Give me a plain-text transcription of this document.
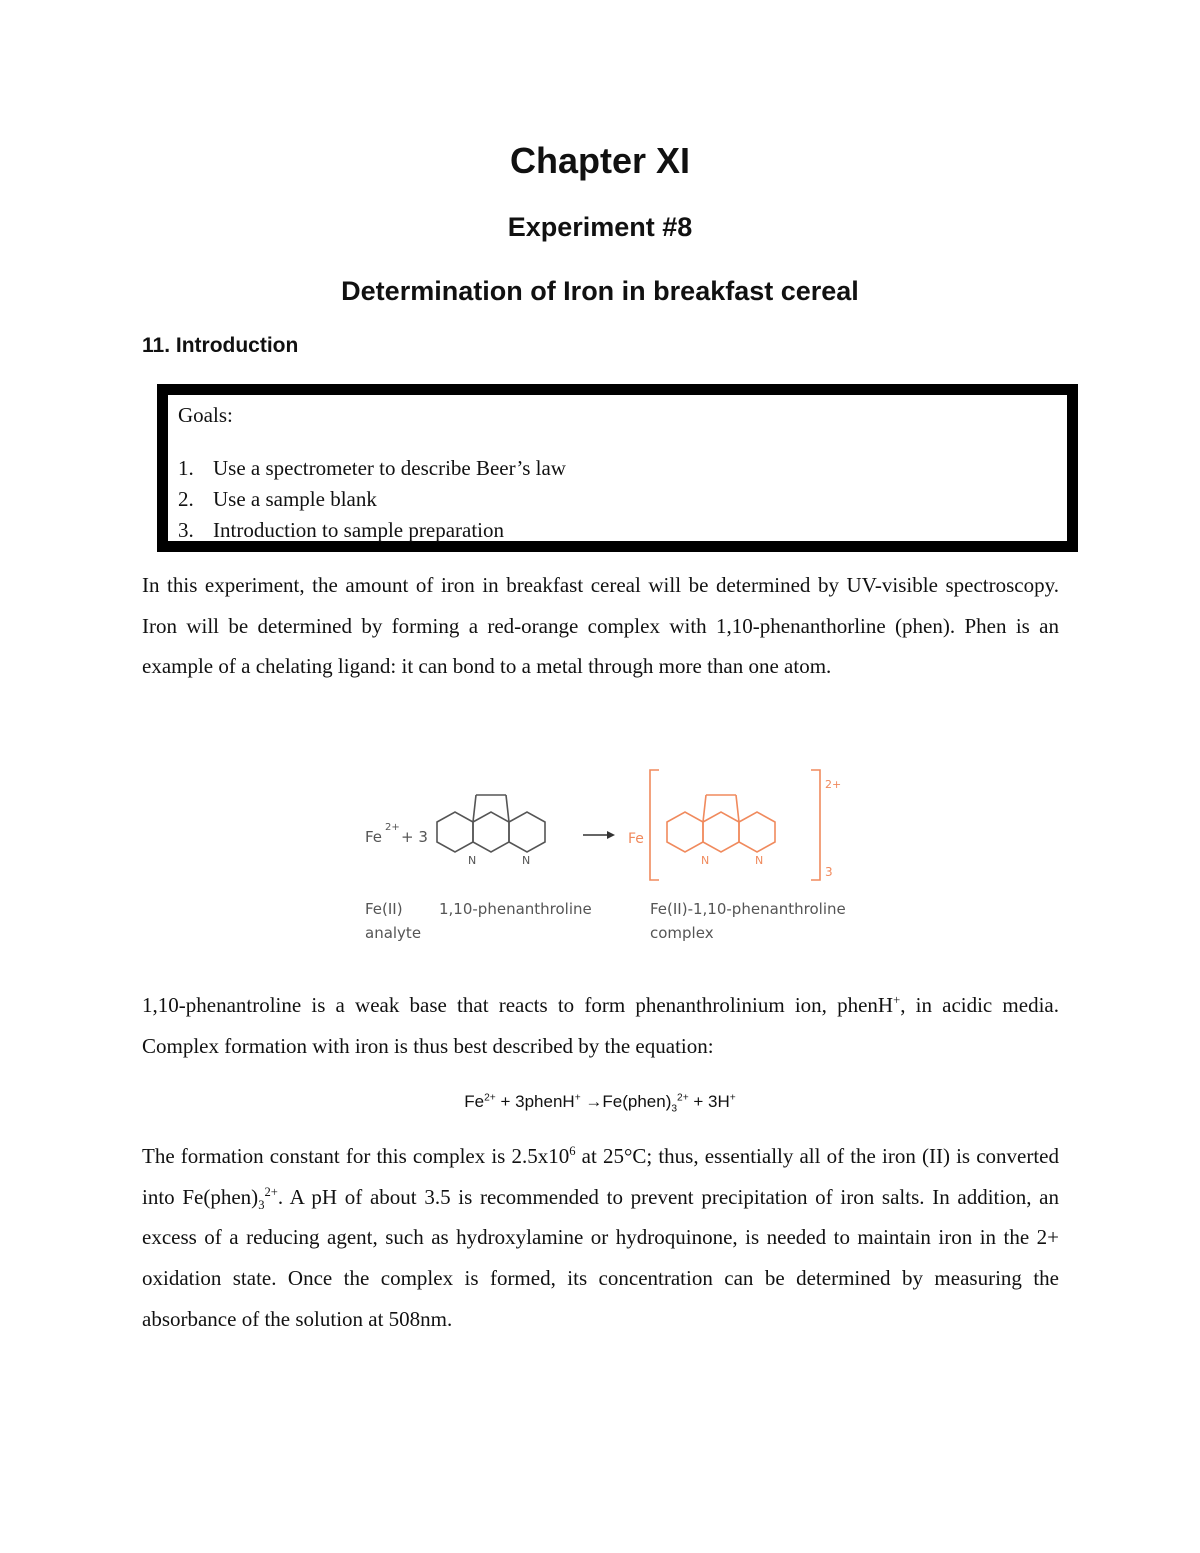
Chapter XI
Experiment #8
Determination of Iron in breakfast cereal
11. Introduction
Goals:
1. Use a spectrometer to describe Beer’s law
2. Use a sample blank
3. Introduction to sample preparation

In this experiment, the amount of iron in breakfast cereal will be determined by UV-visible spectroscopy. Iron will be determined by forming a red-orange complex with 1,10-phenanthorline (phen). Phen is an example of a chelating ligand: it can bond to a metal through more than one atom.

Fe
2+
+ 3
N	N
Fe
N	N
2+
3
Fe(II)
analyte
1,10-phenanthroline	Fe(II)-1,10-phenanthroline
complex

1,10-phenantroline is a weak base that reacts to form phenanthrolinium ion, phenH+, in acidic media. Complex formation with iron is thus best described by the equation:

$Fe^{2+}$ + 3phenH+ $\to Fe(phen)_3^{2+} + 3H^+$

The formation constant for this complex is $2.5x10^6$ at 25°C; thus, essentially all of the iron (II) is converted into $Fe(phen)_3^{2+}$. A pH of about 3.5 is recommended to prevent precipitation of iron salts. In addition, an excess of a reducing agent, such as hydroxylamine or hydroquinone, is needed to maintain iron in the 2+ oxidation state. Once the complex is formed, its concentration can be determined by measuring the absorbance of the solution at 508nm.
